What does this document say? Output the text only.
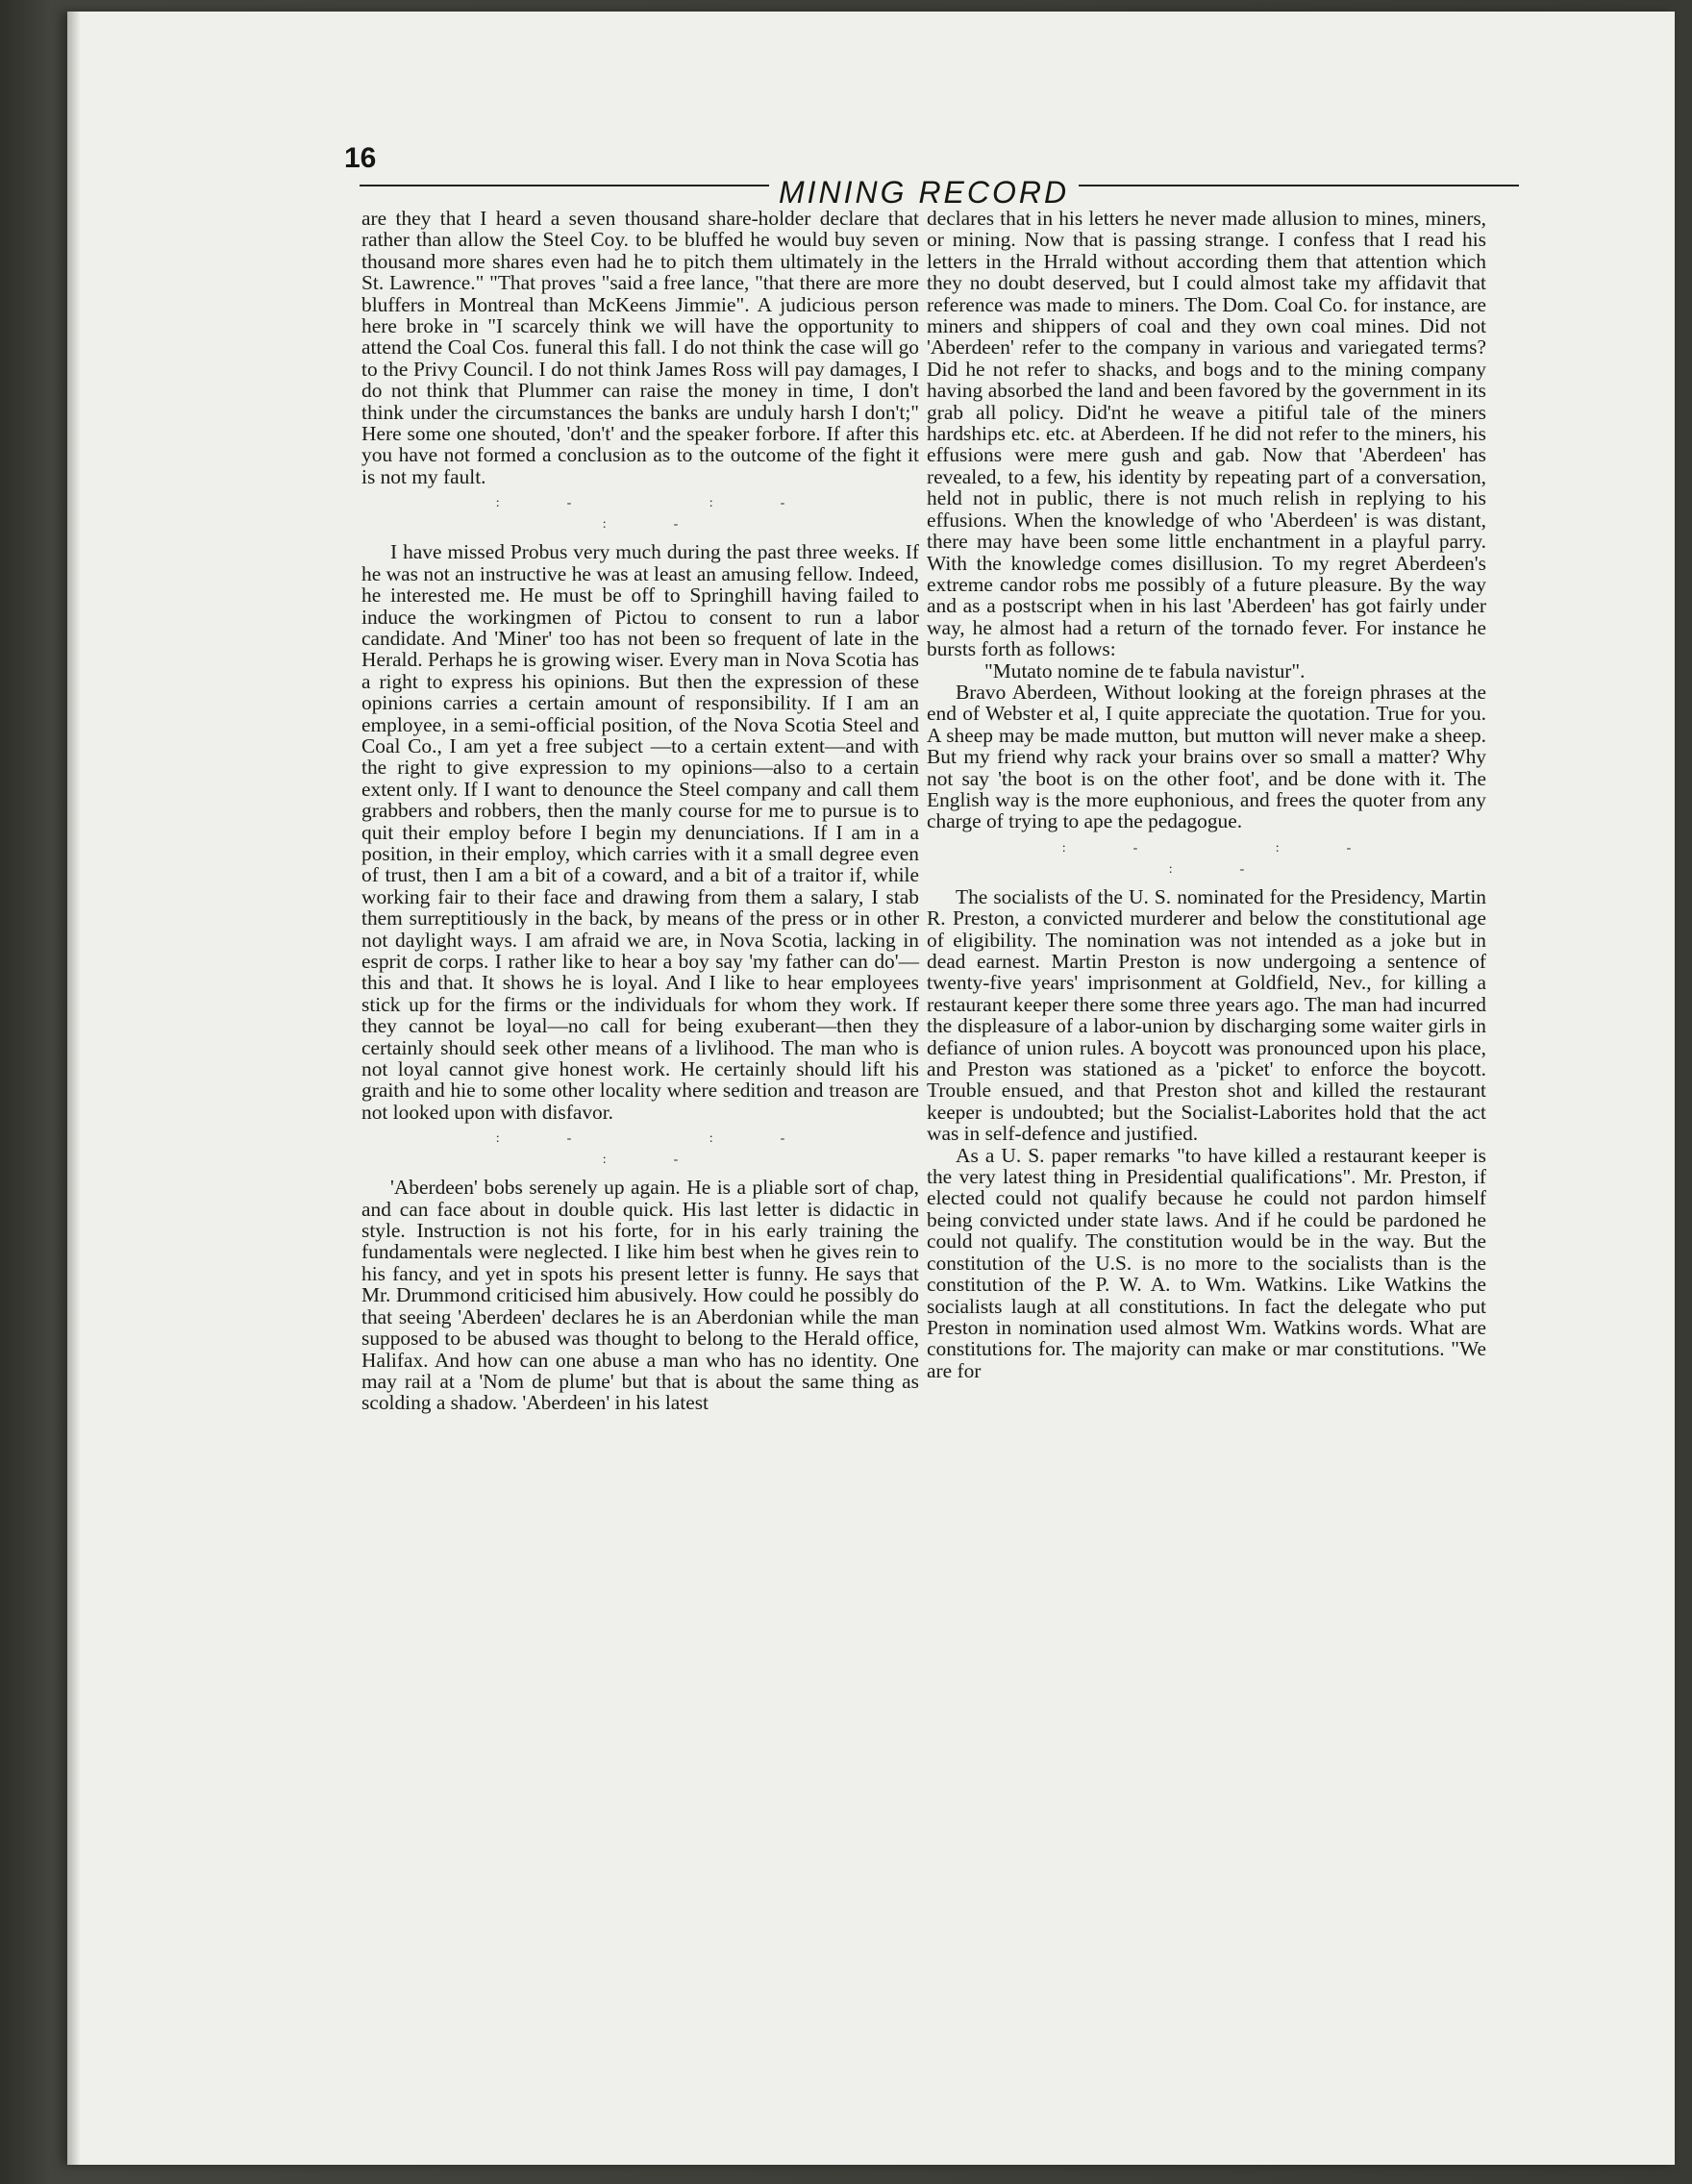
16
MINING RECORD

are they that I heard a seven thousand share-holder declare that rather than allow the Steel Coy. to be bluffed he would buy seven thousand more shares even had he to pitch them ultimately in the St. Lawrence." "That proves "said a free lance, "that there are more bluffers in Montreal than McKeens Jimmie". A judicious person here broke in "I scarcely think we will have the opportunity to attend the Coal Cos. funeral this fall. I do not think the case will go to the Privy Council. I do not think James Ross will pay damages, I do not think that Plummer can raise the money in time, I don't think under the circumstances the banks are unduly harsh I don't;" Here some one shouted, 'don't' and the speaker forbore. If after this you have not formed a conclusion as to the outcome of the fight it is not my fault.

:- :- :-

I have missed Probus very much during the past three weeks. If he was not an instructive he was at least an amusing fellow. Indeed, he interested me. He must be off to Springhill having failed to induce the workingmen of Pictou to consent to run a labor candidate. And 'Miner' too has not been so frequent of late in the Herald. Perhaps he is growing wiser. Every man in Nova Scotia has a right to express his opinions. But then the expression of these opinions carries a certain amount of responsibility. If I am an employee, in a semi-official position, of the Nova Scotia Steel and Coal Co., I am yet a free subject —to a certain extent—and with the right to give expression to my opinions—also to a certain extent only. If I want to denounce the Steel company and call them grabbers and robbers, then the manly course for me to pursue is to quit their employ before I begin my denunciations. If I am in a position, in their employ, which carries with it a small degree even of trust, then I am a bit of a coward, and a bit of a traitor if, while working fair to their face and drawing from them a salary, I stab them surreptitiously in the back, by means of the press or in other not daylight ways. I am afraid we are, in Nova Scotia, lacking in esprit de corps. I rather like to hear a boy say 'my father can do'—this and that. It shows he is loyal. And I like to hear employees stick up for the firms or the individuals for whom they work. If they cannot be loyal—no call for being exuberant—then they certainly should seek other means of a livlihood. The man who is not loyal cannot give honest work. He certainly should lift his graith and hie to some other locality where sedition and treason are not looked upon with disfavor.

:- :- :-

'Aberdeen' bobs serenely up again. He is a pliable sort of chap, and can face about in double quick. His last letter is didactic in style. Instruction is not his forte, for in his early training the fundamentals were neglected. I like him best when he gives rein to his fancy, and yet in spots his present letter is funny. He says that Mr. Drummond criticised him abusively. How could he possibly do that seeing 'Aberdeen' declares he is an Aberdonian while the man supposed to be abused was thought to belong to the Herald office, Halifax. And how can one abuse a man who has no identity. One may rail at a 'Nom de plume' but that is about the same thing as scolding a shadow. 'Aberdeen' in his latest

declares that in his letters he never made allusion to mines, miners, or mining. Now that is passing strange. I confess that I read his letters in the Hrrald without according them that attention which they no doubt deserved, but I could almost take my affidavit that reference was made to miners. The Dom. Coal Co. for instance, are miners and shippers of coal and they own coal mines. Did not 'Aberdeen' refer to the company in various and variegated terms? Did he not refer to shacks, and bogs and to the mining company having absorbed the land and been favored by the government in its grab all policy. Did'nt he weave a pitiful tale of the miners hardships etc. etc. at Aberdeen. If he did not refer to the miners, his effusions were mere gush and gab. Now that 'Aberdeen' has revealed, to a few, his identity by repeating part of a conversation, held not in public, there is not much relish in replying to his effusions. When the knowledge of who 'Aberdeen' is was distant, there may have been some little enchantment in a playful parry. With the knowledge comes disillusion. To my regret Aberdeen's extreme candor robs me possibly of a future pleasure. By the way and as a postscript when in his last 'Aberdeen' has got fairly under way, he almost had a return of the tornado fever. For instance he bursts forth as follows:

"Mutato nomine de te fabula navistur".

Bravo Aberdeen, Without looking at the foreign phrases at the end of Webster et al, I quite appreciate the quotation. True for you. A sheep may be made mutton, but mutton will never make a sheep. But my friend why rack your brains over so small a matter? Why not say 'the boot is on the other foot', and be done with it. The English way is the more euphonious, and frees the quoter from any charge of trying to ape the pedagogue.

:- :- :-

The socialists of the U. S. nominated for the Presidency, Martin R. Preston, a convicted murderer and below the constitutional age of eligibility. The nomination was not intended as a joke but in dead earnest. Martin Preston is now undergoing a sentence of twenty-five years' imprisonment at Goldfield, Nev., for killing a restaurant keeper there some three years ago. The man had incurred the displeasure of a labor-union by discharging some waiter girls in defiance of union rules. A boycott was pronounced upon his place, and Preston was stationed as a 'picket' to enforce the boycott. Trouble ensued, and that Preston shot and killed the restaurant keeper is undoubted; but the Socialist-Laborites hold that the act was in self-defence and justified.

As a U. S. paper remarks "to have killed a restaurant keeper is the very latest thing in Presidential qualifications". Mr. Preston, if elected could not qualify because he could not pardon himself being convicted under state laws. And if he could be pardoned he could not qualify. The constitution would be in the way. But the constitution of the U.S. is no more to the socialists than is the constitution of the P. W. A. to Wm. Watkins. Like Watkins the socialists laugh at all constitutions. In fact the delegate who put Preston in nomination used almost Wm. Watkins words. What are constitutions for. The majority can make or mar constitutions. "We are for
